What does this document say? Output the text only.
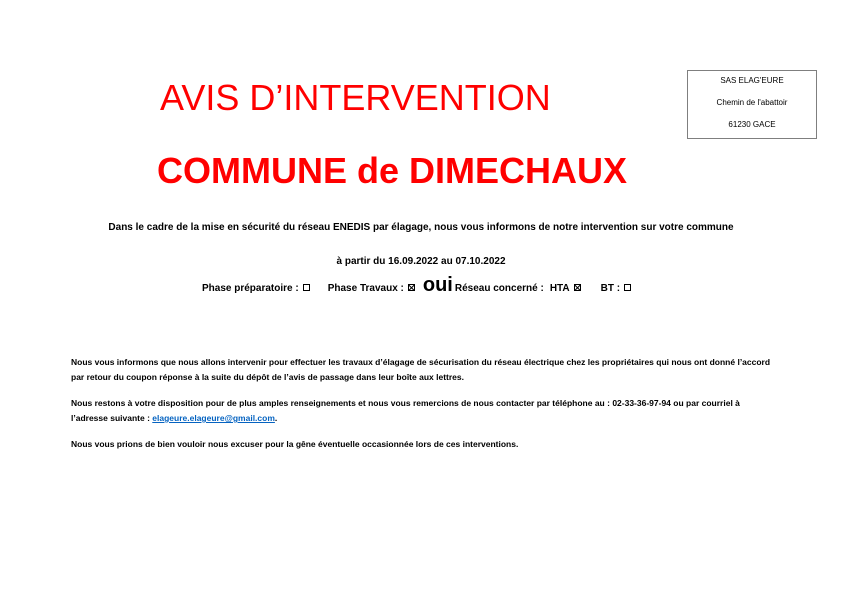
SAS ELAG'EURE
Chemin de l'abattoir
61230 GACE
AVIS D’INTERVENTION
COMMUNE de DIMECHAUX
Dans le cadre de la mise en sécurité du réseau ENEDIS par élagage, nous vous informons de notre intervention sur votre commune
à partir du 16.09.2022 au 07.10.2022
Phase préparatoire :	Phase Travaux : oui Réseau concerné : HTA	BT :
Nous vous informons que nous allons intervenir pour effectuer les travaux d’élagage de sécurisation du réseau électrique chez les propriétaires qui nous ont donné l’accord par retour du coupon réponse à la suite du dépôt de l’avis de passage dans leur boîte aux lettres.
Nous restons à votre disposition pour de plus amples renseignements et nous vous remercions de nous contacter par téléphone au : 02-33-36-97-94 ou par courriel à l’adresse suivante : elageure.elageure@gmail.com.
Nous vous prions de bien vouloir nous excuser pour la gêne éventuelle occasionnée lors de ces interventions.
